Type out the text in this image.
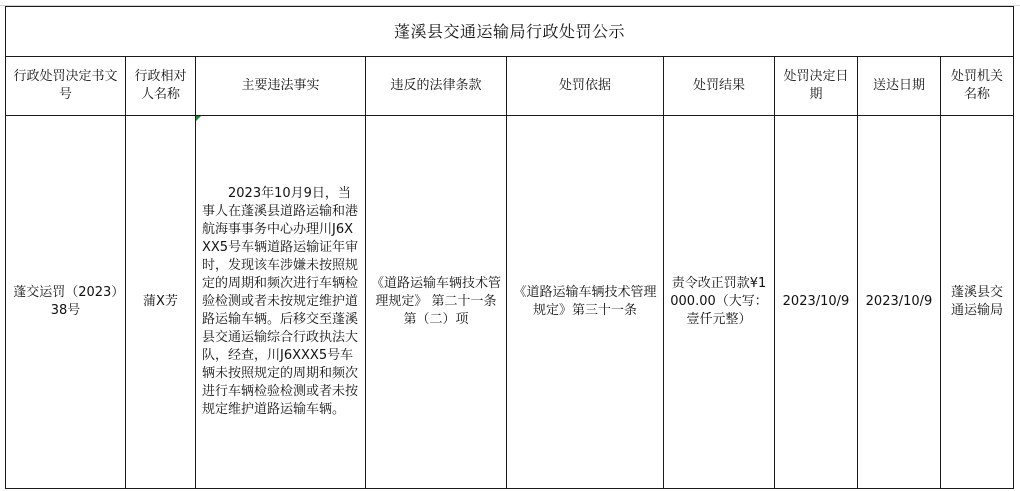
蓬溪县交通运输局行政处罚公示								
行政处罚决定书文号	行政相对人名称	主要违法事实	违反的法律条款	处罚依据	处罚结果	处罚决定日期	送达日期	处罚机关名称
蓬交运罚（2023）38号	蒲X芳	2023年10月9日，当事人在蓬溪县道路运输和港航海事事务中心办理川J6XXX5号车辆道路运输证年审时，发现该车涉嫌未按照规定的周期和频次进行车辆检验检测或者未按规定维护道路运输车辆。后移交至蓬溪县交通运输综合行政执法大队，经查，川J6XXX5号车辆未按照规定的周期和频次进行车辆检验检测或者未按规定维护道路运输车辆。	《道路运输车辆技术管理规定》 第二十一条第（二）项	《道路运输车辆技术管理规定》第三十一条	责令改正罚款¥1000.00（大写：壹仟元整）	2023/10/9	2023/10/9	蓬溪县交通运输局
